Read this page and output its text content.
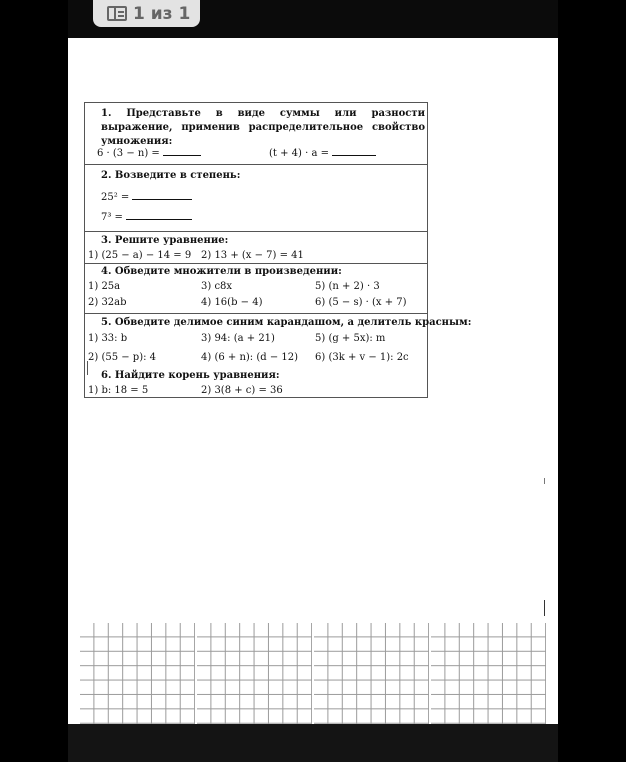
1 из 1
1. Представьте в виде суммы или разности выражение, применив распределительное свойство умножения:
6 · (3 − n) =	(t + 4) · a =
2. Возведите в степень:
25² =
7³ =
3. Решите уравнение:
1) (25 − a) − 14 = 9 2) 13 + (x − 7) = 41
4. Обведите множители в произведении:
1) 25a	3) c8x	5) (n + 2) · 3
2) 32ab	4) 16(b − 4)	6) (5 − s) · (x + 7)
5. Обведите делимое синим карандашом, а делитель красным:
1) 33: b	3) 94: (a + 21)	5) (g + 5x): m
2) (55 − p): 4	4) (6 + n): (d − 12) 6) (3k + v − 1): 2c
6. Найдите корень уравнения:
1) b: 18 = 5	2) 3(8 + c) = 36
